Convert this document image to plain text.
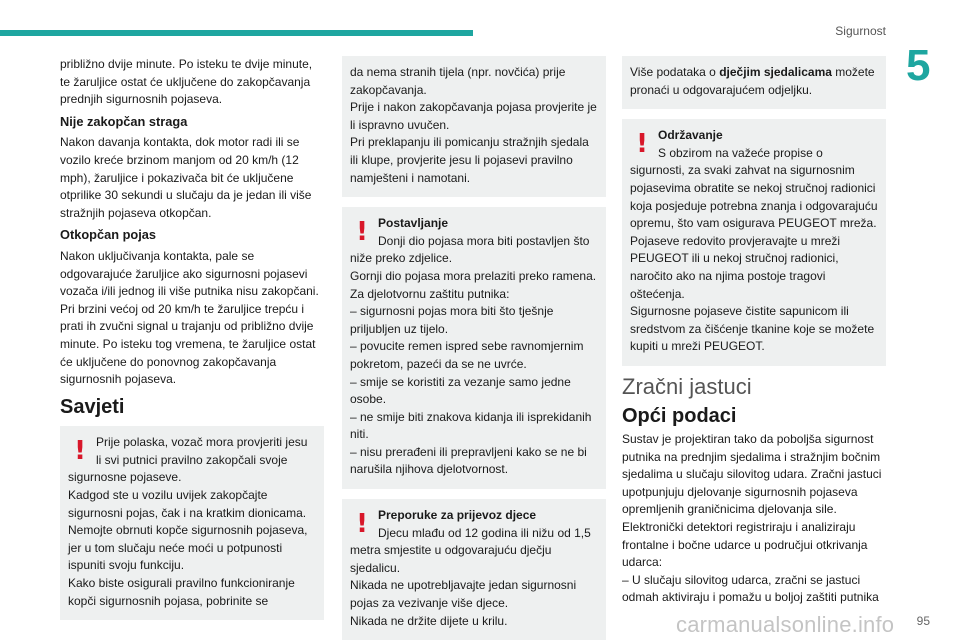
Sigurnost
5

približno dvije minute. Po isteku te dvije minute, te žaruljice ostat će uključene do zakopčavanja prednjih sigurnosnih pojaseva.

Nije zakopčan straga

Nakon davanja kontakta, dok motor radi ili se vozilo kreće brzinom manjom od 20 km/h (12 mph), žaruljice i pokazivača bit će uključene otprilike 30 sekundi u slučaju da je jedan ili više stražnjih pojaseva otkopčan.

Otkopčan pojas

Nakon uključivanja kontakta, pale se odgovarajuće žaruljice ako sigurnosni pojasevi vozača i/ili jednog ili više putnika nisu zakopčani. Pri brzini većoj od 20 km/h te žaruljice trepću i prati ih zvučni signal u trajanju od približno dvije minute. Po isteku tog vremena, te žaruljice ostat će uključene do ponovnog zakopčavanja sigurnosnih pojaseva.

Savjeti
! Prije polaska, vozač mora provjeriti jesu li svi putnici pravilno zakopčali svoje sigurnosne pojaseve.
Kadgod ste u vozilu uvijek zakopčajte sigurnosni pojas, čak i na kratkim dionicama.
Nemojte obrnuti kopče sigurnosnih pojaseva, jer u tom slučaju neće moći u potpunosti ispuniti svoju funkciju.
Kako biste osigurali pravilno funkcioniranje kopči sigurnosnih pojasa, pobrinite se
da nema stranih tijela (npr. novčića) prije zakopčavanja.
Prije i nakon zakopčavanja pojasa provjerite je li ispravno uvučen.
Pri preklapanju ili pomicanju stražnjih sjedala ili klupe, provjerite jesu li pojasevi pravilno namješteni i namotani.
! Postavljanje
Donji dio pojasa mora biti postavljen što niže preko zdjelice.
Gornji dio pojasa mora prelaziti preko ramena.
Za djelotvornu zaštitu putnika:
– sigurnosni pojas mora biti što tješnje priljubljen uz tijelo.
– povucite remen ispred sebe ravnomjernim pokretom, pazeći da se ne uvrće.
– smije se koristiti za vezanje samo jedne osobe.
– ne smije biti znakova kidanja ili isprekidanih niti.
– nisu prerađeni ili prepravljeni kako se ne bi narušila njihova djelotvornost.
! Preporuke za prijevoz djece
Djecu mlađu od 12 godina ili nižu od 1,5 metra smjestite u odgovarajuću dječju sjedalicu.
Nikada ne upotrebljavajte jedan sigurnosni pojas za vezivanje više djece.
Nikada ne držite dijete u krilu.
Više podataka o dječjim sjedalicama možete pronaći u odgovarajućem odjeljku.
! Održavanje
S obzirom na važeće propise o sigurnosti, za svaki zahvat na sigurnosnim pojasevima obratite se nekoj stručnoj radionici koja posjeduje potrebna znanja i odgovarajuću opremu, što vam osigurava PEUGEOT mreža.
Pojaseve redovito provjeravajte u mreži PEUGEOT ili u nekoj stručnoj radionici, naročito ako na njima postoje tragovi oštećenja.
Sigurnosne pojaseve čistite sapunicom ili sredstvom za čišćenje tkanine koje se možete kupiti u mreži PEUGEOT.
Zračni jastuci
Opći podaci

Sustav je projektiran tako da poboljša sigurnost putnika na prednjim sjedalima i stražnjim bočnim sjedalima u slučaju silovitog udara. Zračni jastuci upotpunjuju djelovanje sigurnosnih pojaseva opremljenih graničnicima djelovanja sile.

Elektronički detektori registriraju i analiziraju frontalne i bočne udarce u područjui otkrivanja udarca:

– U slučaju silovitog udarca, zračni se jastuci odmah aktiviraju i pomažu u boljoj zaštiti putnika

carmanualsonline.info 95
